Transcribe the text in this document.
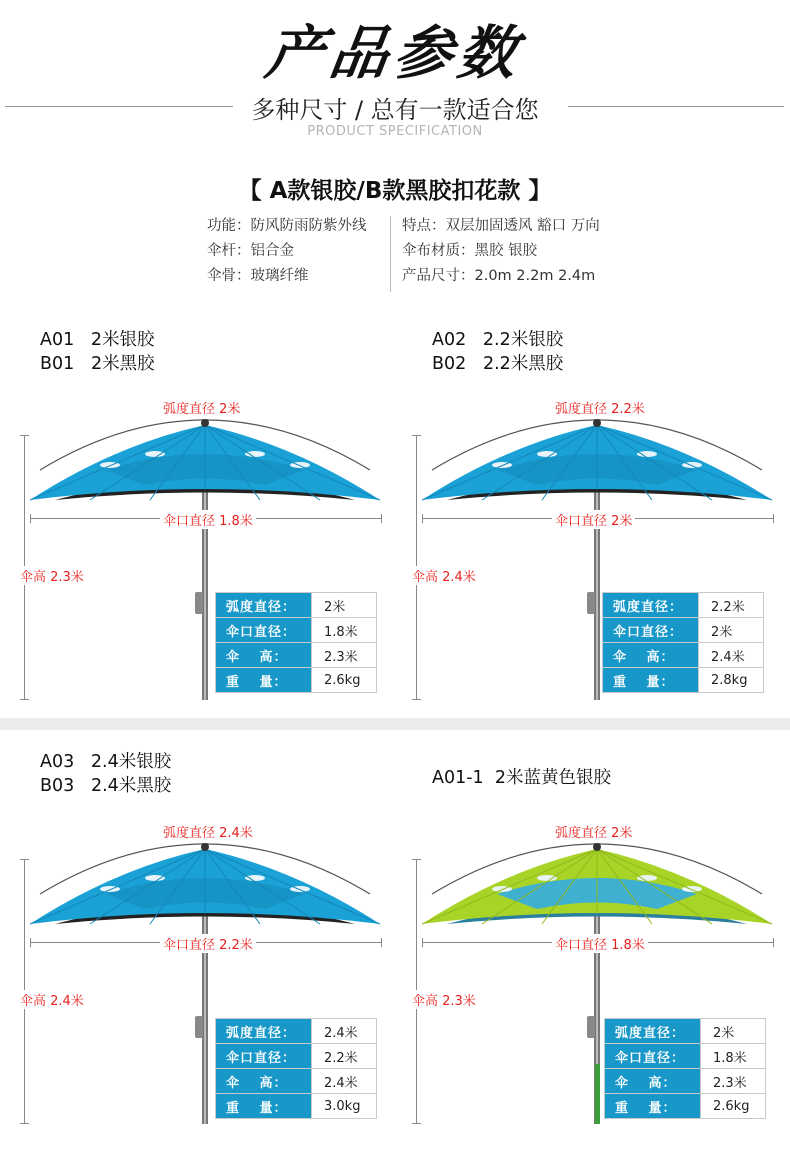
产品参数
多种尺寸 / 总有一款适合您
PRODUCT SPECIFICATION
【 A款银胶/B款黑胶扣花款 】
功能：防风防雨防紫外线
伞杆：铝合金
伞骨：玻璃纤维
特点：双层加固透风 豁口 万向
伞布材质：黑胶 银胶
产品尺寸：2.0m 2.2m 2.4m
A01   2米银胶
B01   2米黑胶
A02   2.2米银胶
B02   2.2米黑胶
A03   2.4米银胶
B03   2.4米黑胶	A01-1  2米蓝黄色银胶
弧度直径 2米
伞口直径 1.8米
伞高 2.3米
弧度直径：	2米
伞口直径：	1.8米
伞　 高：	2.3米
重　 量：	2.6kg
弧度直径 2.2米
伞口直径 2米
伞高 2.4米
弧度直径：	2.2米
伞口直径：	2米
伞　 高：	2.4米
重　 量：	2.8kg
弧度直径 2.4米
伞口直径 2.2米
伞高 2.4米
弧度直径：	2.4米
伞口直径：	2.2米
伞　 高：	2.4米
重　 量：	3.0kg
弧度直径 2米
伞口直径 1.8米
伞高 2.3米
弧度直径：	2米
伞口直径：	1.8米
伞　 高：	2.3米
重　 量：	2.6kg
